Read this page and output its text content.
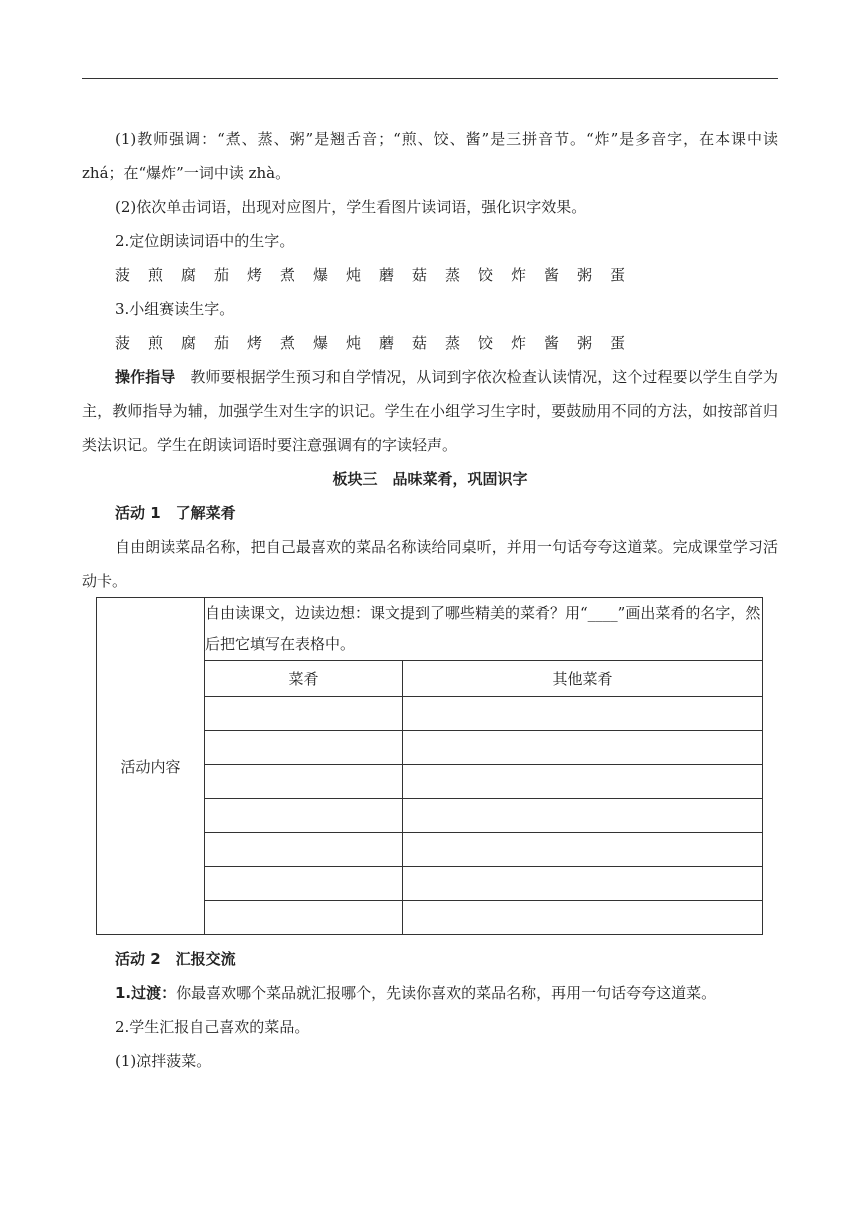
(1)教师强调：“煮、蒸、粥”是翘舌音；“煎、饺、酱”是三拼音节。“炸”是多音字，在本课中读 zhá；在“爆炸”一词中读 zhà。

(2)依次单击词语，出现对应图片，学生看图片读词语，强化识字效果。

2.定位朗读词语中的生字。

菠 煎 腐 茄 烤 煮 爆 炖 蘑 菇 蒸 饺 炸 酱 粥 蛋

3.小组赛读生字。

菠 煎 腐 茄 烤 煮 爆 炖 蘑 菇 蒸 饺 炸 酱 粥 蛋

操作指导　 教师要根据学生预习和自学情况，从词到字依次检查认读情况，这个过程要以学生自学为主，教师指导为辅，加强学生对生字的识记。学生在小组学习生字时，要鼓励用不同的方法，如按部首归类法识记。学生在朗读词语时要注意强调有的字读轻声。

板块三　品味菜肴，巩固识字

活动 1　了解菜肴

自由朗读菜品名称，把自己最喜欢的菜品名称读给同桌听，并用一句话夸夸这道菜。完成课堂学习活动卡。

活动内容	自由读课文，边读边想：课文提到了哪些精美的菜肴？用“____”画出菜肴的名字，然后把它填写在表格中。

菜肴	其他菜肴

活动 2　汇报交流

1.过渡：你最喜欢哪个菜品就汇报哪个，先读你喜欢的菜品名称，再用一句话夸夸这道菜。

2.学生汇报自己喜欢的菜品。

(1)凉拌菠菜。
